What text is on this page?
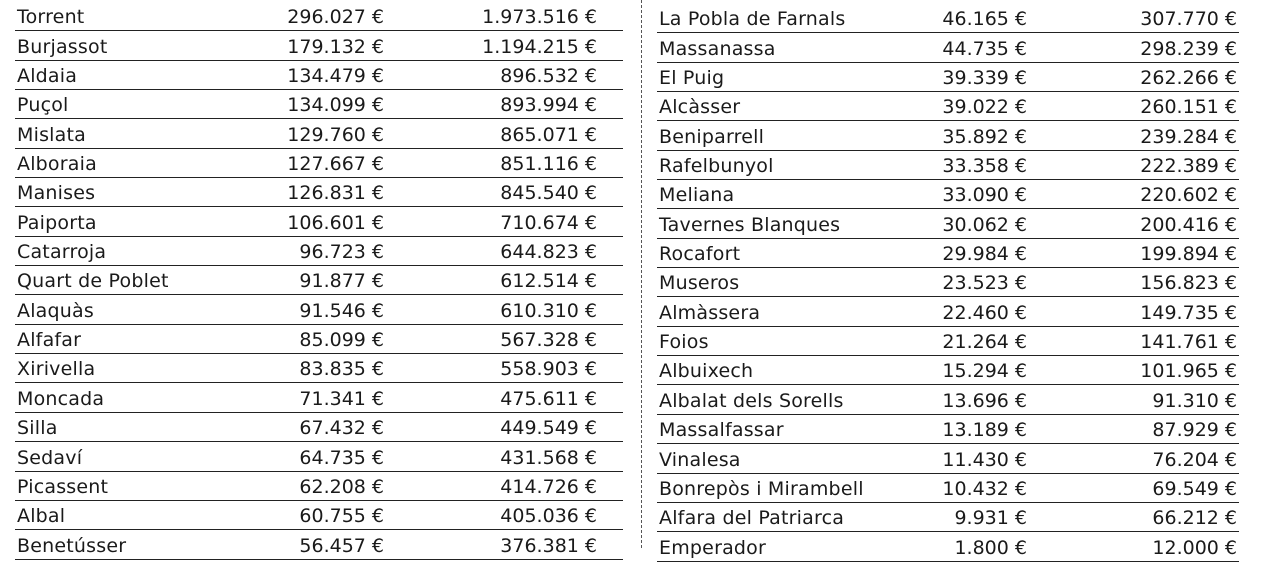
Torrent	296.027 €	1.973.516 €
Burjassot	179.132 €	1.194.215 €
Aldaia	134.479 €	896.532 €
Puçol	134.099 €	893.994 €
Mislata	129.760 €	865.071 €
Alboraia	127.667 €	851.116 €
Manises	126.831 €	845.540 €
Paiporta	106.601 €	710.674 €
Catarroja	96.723 €	644.823 €
Quart de Poblet	91.877 €	612.514 €
Alaquàs	91.546 €	610.310 €
Alfafar	85.099 €	567.328 €
Xirivella	83.835 €	558.903 €
Moncada	71.341 €	475.611 €
Silla	67.432 €	449.549 €
Sedaví	64.735 €	431.568 €
Picassent	62.208 €	414.726 €
Albal	60.755 €	405.036 €
Benetússer	56.457 €	376.381 €
La Pobla de Farnals	46.165 €	307.770 €
Massanassa	44.735 €	298.239 €
El Puig	39.339 €	262.266 €
Alcàsser	39.022 €	260.151 €
Beniparrell	35.892 €	239.284 €
Rafelbunyol	33.358 €	222.389 €
Meliana	33.090 €	220.602 €
Tavernes Blanques	30.062 €	200.416 €
Rocafort	29.984 €	199.894 €
Museros	23.523 €	156.823 €
Almàssera	22.460 €	149.735 €
Foios	21.264 €	141.761 €
Albuixech	15.294 €	101.965 €
Albalat dels Sorells	13.696 €	91.310 €
Massalfassar	13.189 €	87.929 €
Vinalesa	11.430 €	76.204 €
Bonrepòs i Mirambell	10.432 €	69.549 €
Alfara del Patriarca	9.931 €	66.212 €
Emperador	1.800 €	12.000 €
